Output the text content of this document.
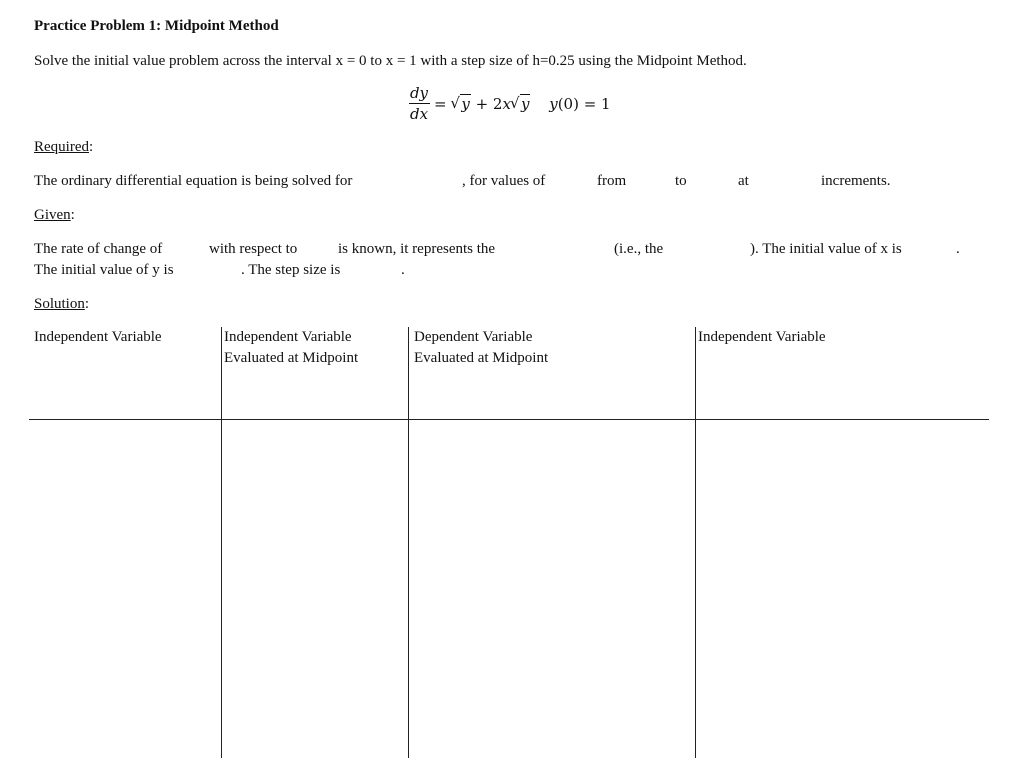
Practice Problem 1: Midpoint Method
Solve the initial value problem across the interval x = 0 to x = 1 with a step size of h=0.25 using the Midpoint Method.
dy
dx
= √ y + 2x√ y y(0) = 1
Required:
The ordinary differential equation is being solved for	, for values of	from	to	at	increments.
Given:
The rate of change of	with respect to	is known, it represents the	(i.e., the	). The initial value of x is	.
The initial value of y is	. The step size is	.
Solution:
Independent Variable	Independent Variable
Evaluated at Midpoint
Dependent Variable
Evaluated at Midpoint
Independent Variable
